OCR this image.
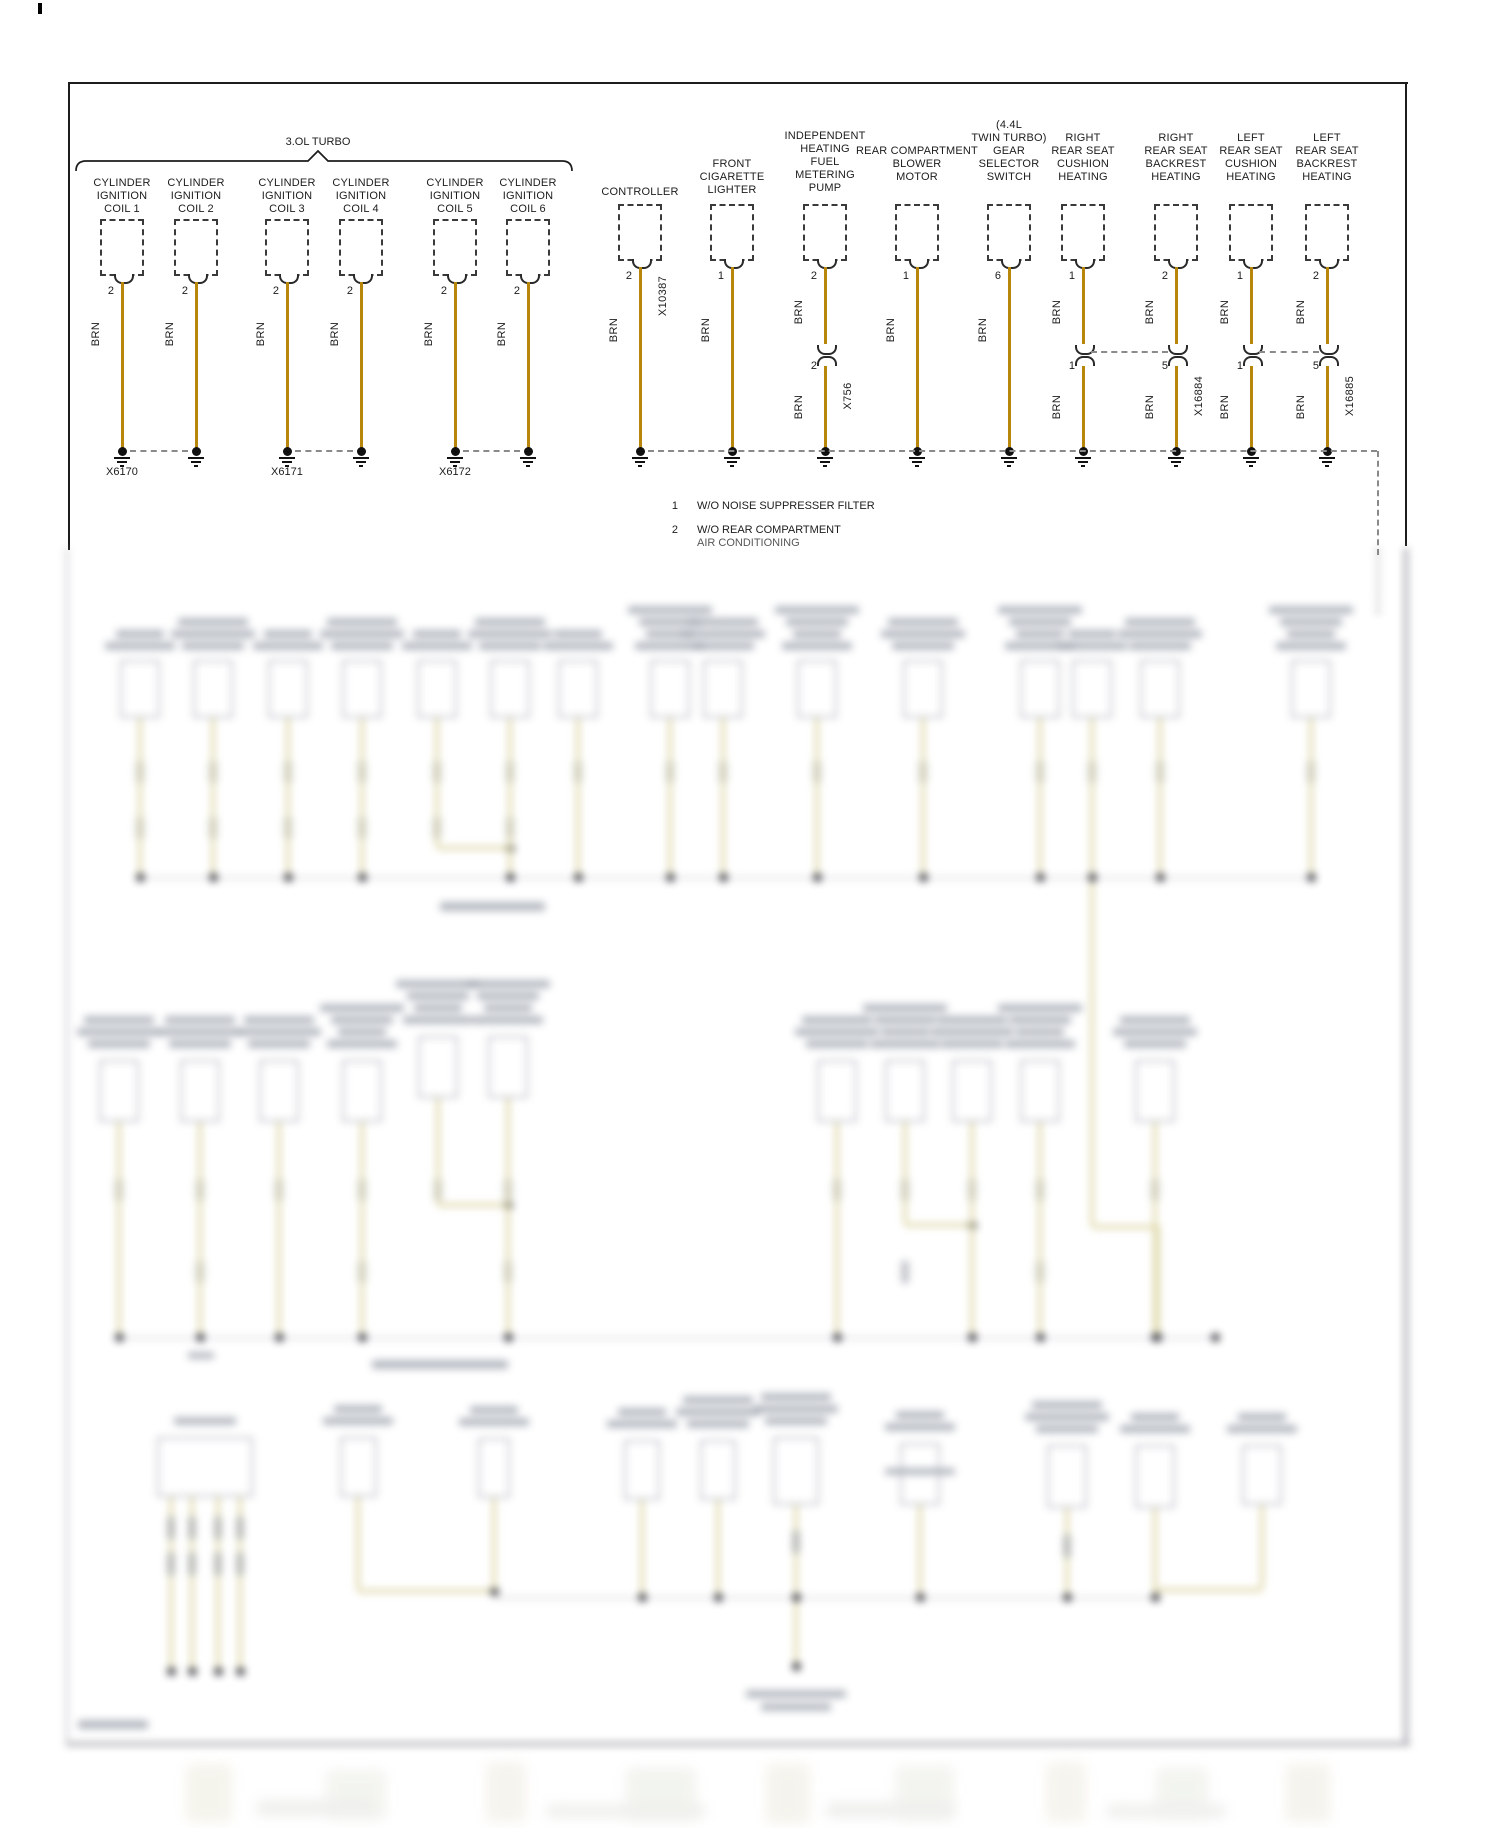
3.OL TURBO
CYLINDER
IGNITION
COIL 1
2
BRN
CYLINDER
IGNITION
COIL 2
2
BRN
CYLINDER
IGNITION
COIL 3
2
BRN
CYLINDER
IGNITION
COIL 4
2
BRN
CYLINDER
IGNITION
COIL 5
2
BRN
CYLINDER
IGNITION
COIL 6
2
BRN
CONTROLLER
2
BRN
X10387
FRONT
CIGARETTE
LIGHTER
1
BRN
INDEPENDENT
HEATING
FUEL
METERING
PUMP
2
2
BRN
BRN	X756
REAR COMPARTMENT
BLOWER
MOTOR
1
BRN
(4.4L
TWIN TURBO)
GEAR
SELECTOR
SWITCH
6
BRN
RIGHT
REAR SEAT
CUSHION
HEATING
1
1
BRN
BRN
RIGHT
REAR SEAT
BACKREST
HEATING
2
5
BRN
BRN	X16884
LEFT
REAR SEAT
CUSHION
HEATING
1
1
BRN
BRN
LEFT
REAR SEAT
BACKREST
HEATING
2
5
BRN
BRN	X16885
X6170	X6171	X6172
1 W/O NOISE SUPPRESSER FILTER
2 W/O REAR COMPARTMENT
AIR CONDITIONING
